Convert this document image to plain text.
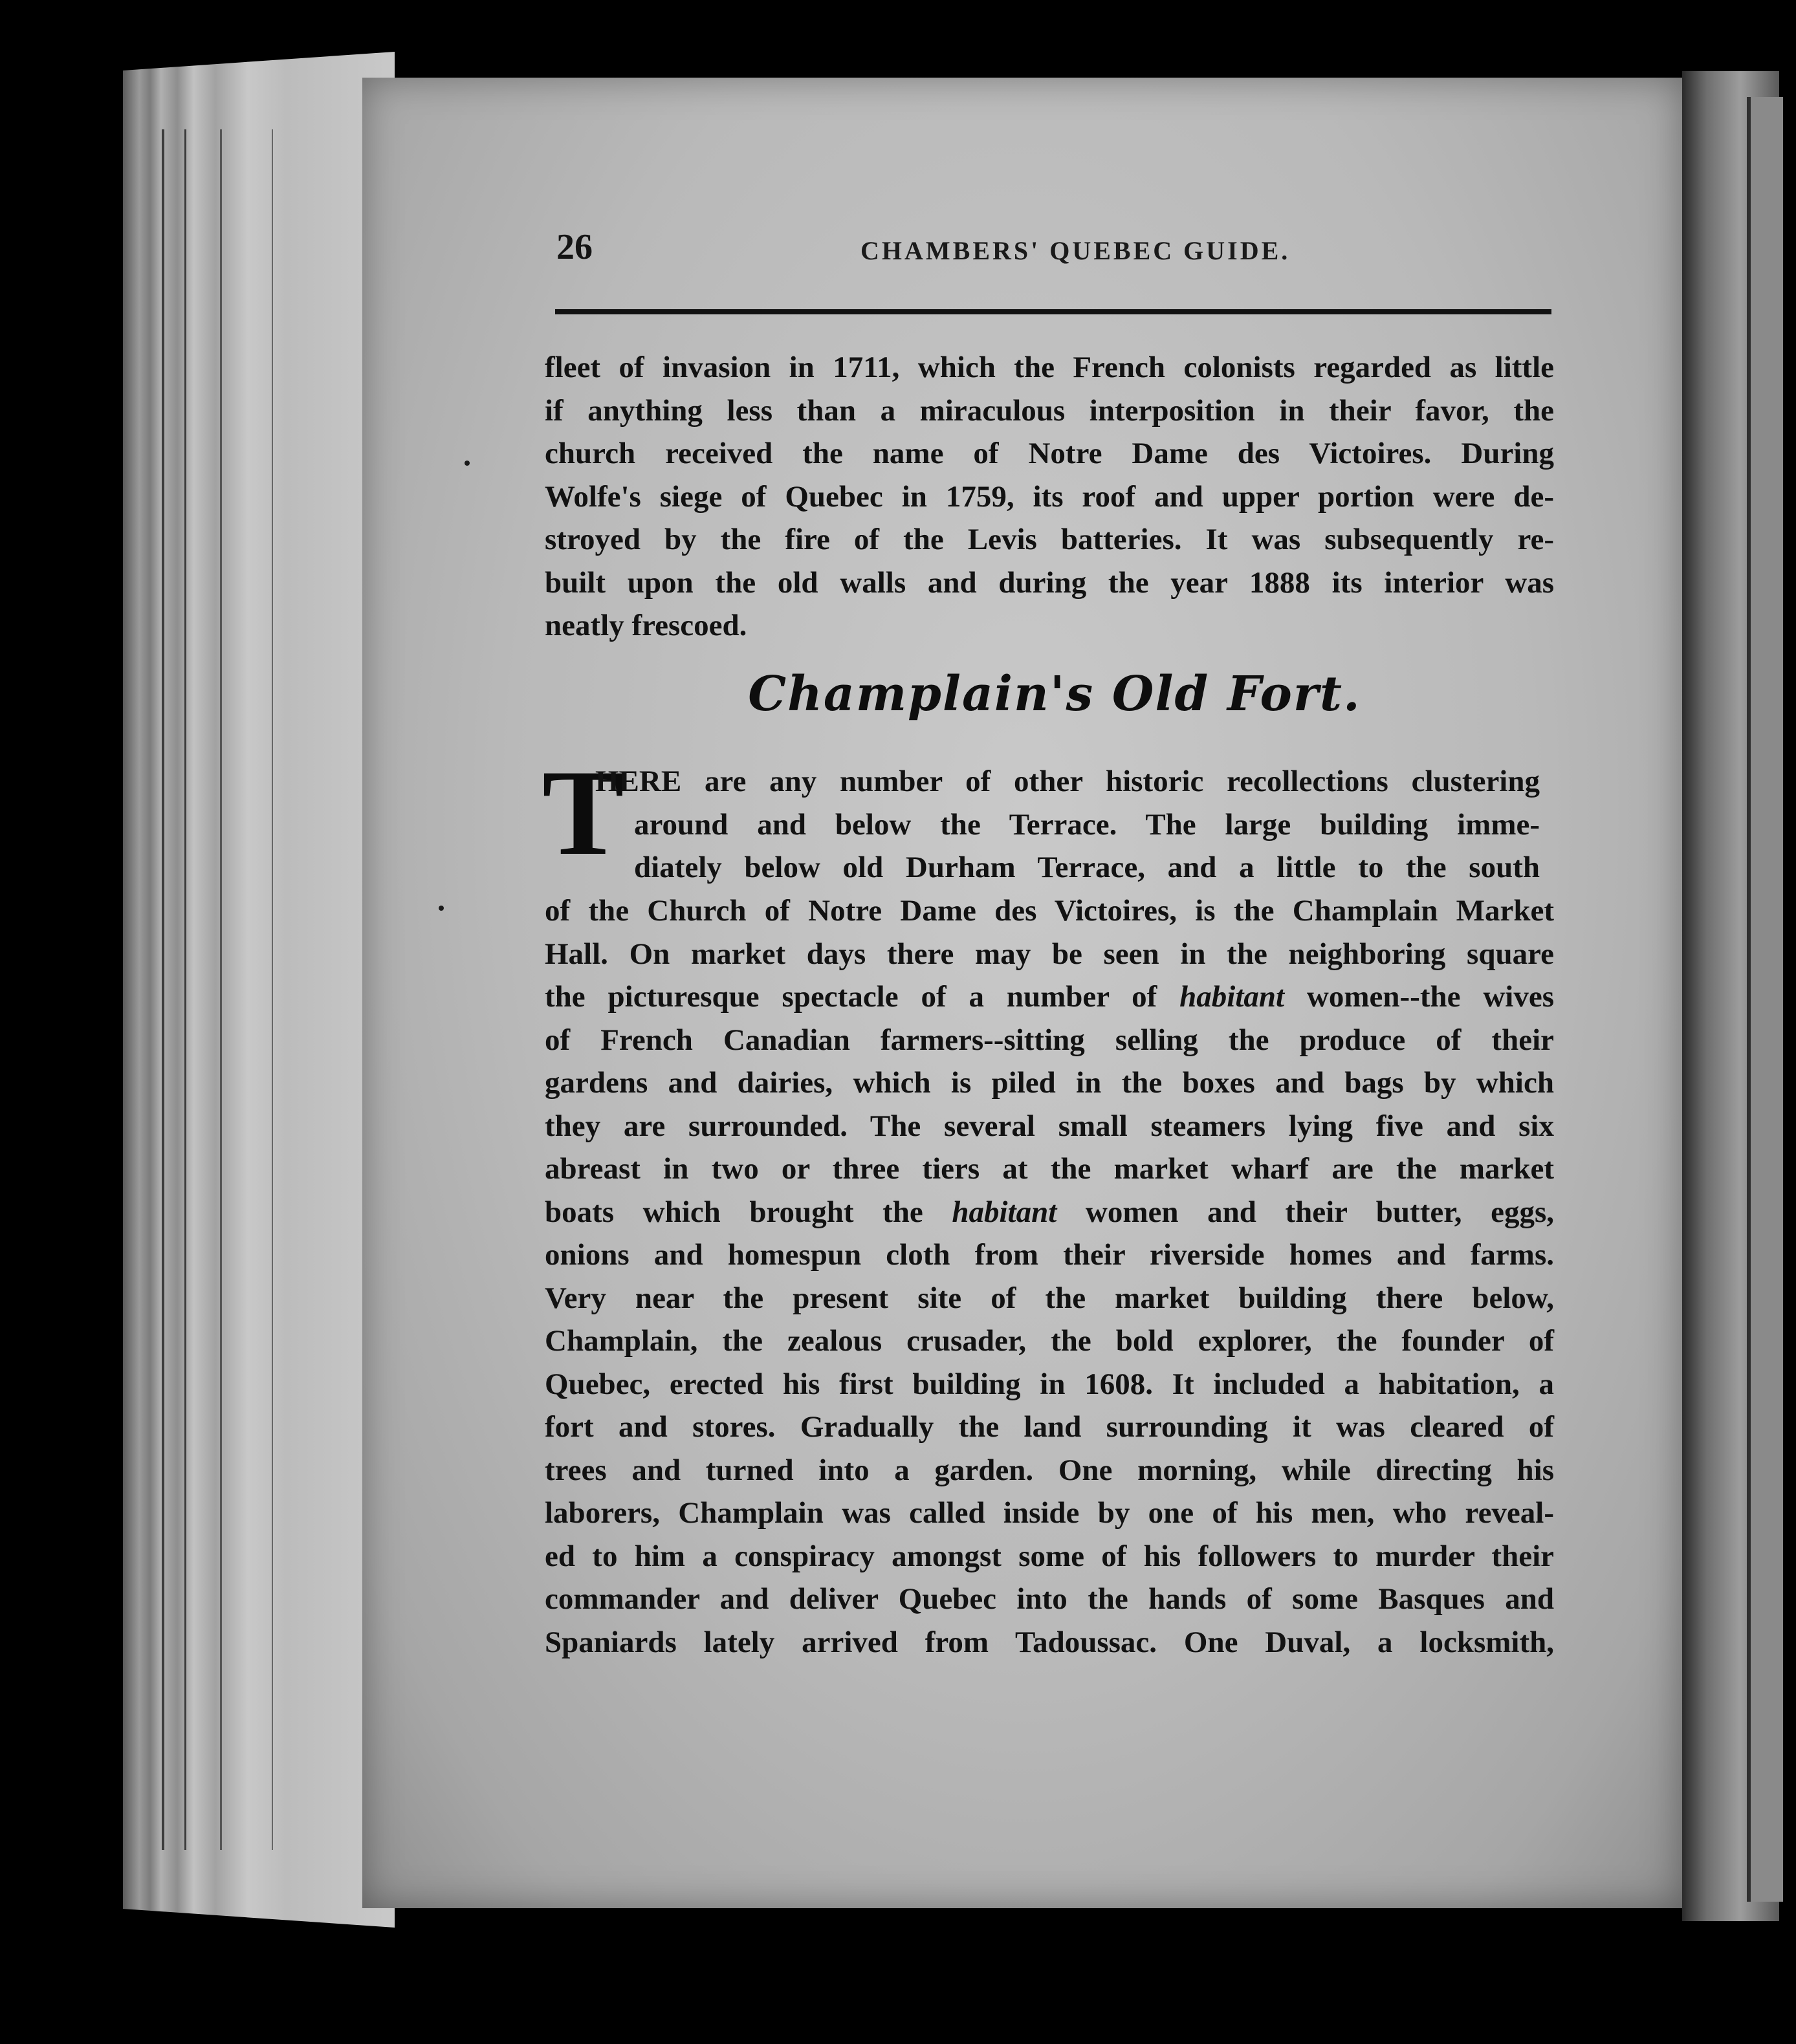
26	CHAMBERS' QUEBEC GUIDE.
fleet of invasion in 1711, which the French colonists regarded as little
if anything less than a miraculous interposition in their favor, the
church received the name of Notre Dame des Victoires. During
Wolfe's siege of Quebec in 1759, its roof and upper portion were de-
stroyed by the fire of the Levis batteries. It was subsequently re-
built upon the old walls and during the year 1888 its interior was
neatly frescoed.
Champlain's Old Fort.
T
HERE are any number of other historic recollections clustering
around and below the Terrace. The large building imme-
diately below old Durham Terrace, and a little to the south
of the Church of Notre Dame des Victoires, is the Champlain Market
Hall. On market days there may be seen in the neighboring square
the picturesque spectacle of a number of habitant women--the wives
of French Canadian farmers--sitting selling the produce of their
gardens and dairies, which is piled in the boxes and bags by which
they are surrounded. The several small steamers lying five and six
abreast in two or three tiers at the market wharf are the market
boats which brought the habitant women and their butter, eggs,
onions and homespun cloth from their riverside homes and farms.
Very near the present site of the market building there below,
Champlain, the zealous crusader, the bold explorer, the founder of
Quebec, erected his first building in 1608. It included a habitation, a
fort and stores. Gradually the land surrounding it was cleared of
trees and turned into a garden. One morning, while directing his
laborers, Champlain was called inside by one of his men, who reveal-
ed to him a conspiracy amongst some of his followers to murder their
commander and deliver Quebec into the hands of some Basques and
Spaniards lately arrived from Tadoussac. One Duval, a locksmith,
